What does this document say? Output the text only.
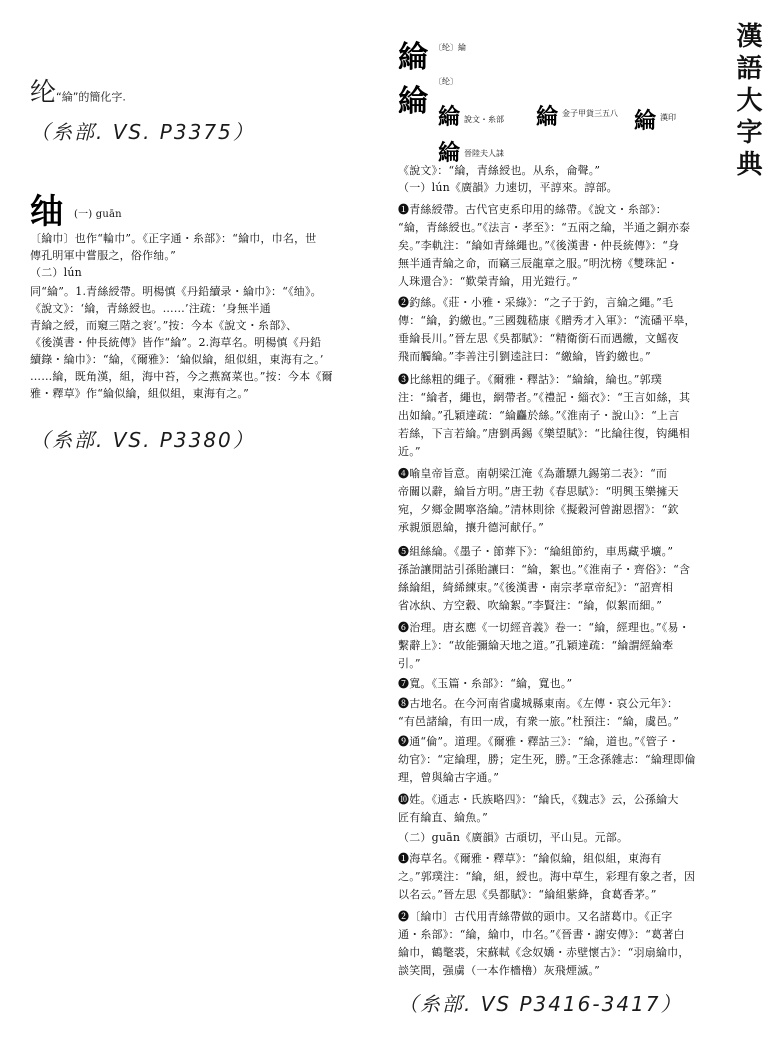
漢語大字典
纶“綸”的簡化字.
（糸部. VS. P3375）
䌷 (一) guān
〔綸巾〕也作“輪巾”。《正字通・糸部》：“綸巾，巾名，世
傳孔明軍中嘗服之，俗作䌷。”
（二）lún
同“綸”。1.青絲綬帶。明楊慎《丹鉛續录・綸巾》：“《䌷》。
《說文》：‘綸，青絲綬也。……’注疏：‘身無半通
青綸之綬，而窺三階之衮’。”按：今本《說文・糸部》、
《後漢書・仲長統傳》皆作“綸”。2.海草名。明楊慎《丹鉛
續錄・綸巾》：“綸，《爾雅》：‘綸似綸，組似組，東海有之。’
……綸，既角漢，組，海中苔，今之燕窩菜也。”按：今本《爾
雅・釋草》作“綸似綸，組似組，東海有之。”
（糸部. VS. P3380）
綸 〔纶〕綸
綸
〔纶〕
綸 說文・糸部 綸 金子甲貨三五八 綸 漢印
綸 晉陸夫人誄
《說文》：“綸，青絲綬也。从糸，侖聲。”
（一）lún《廣韻》力速切，平諄來。諄部。
❶青絲綬帶。古代官吏系印用的絲帶。《說文・糸部》：
“綸，青絲綬也。”《法言・孝至》：“五兩之綸，半通之銅亦泰
矣。”李軌注：“綸如青絲繩也。”《後漢書・仲長統傳》：“身
無半通青綸之命，而竊三辰龍章之服。”明沈榜《雙珠記・
人珠還合》：“歎榮青綸，用光鎧行。”
❷釣絲。《莊・小雅・采綠》：“之子于釣，言綸之繩。”毛
傳：“綸，釣繳也。”三國魏嵇康《贈秀才入軍》：“流磻平皋，
垂綸長川。”晉左思《吳都賦》：“精衛銜石而遇繳，文鰩夜
飛而觸綸。”李善注引劉逵註曰：“繳綸，皆釣繳也。”
❸比絲粗的繩子。《爾雅・釋詁》：“綸綸，綸也。”郭璞
注：“綸者，繩也，網帶者。”《禮記・緇衣》：“王言如絲，其
出如綸。”孔穎達疏：“綸麤於絲。”《淮南子・說山》：“上言
若絲，下言若綸。”唐劉禹錫《樂望賦》：“比綸往復，钩縄相
近。”
❹喻皇帝旨意。南朝梁江淹《為蕭驃九錫第二表》：“而
帝關以辭，綸旨方明。”唐王勃《春思賦》：“明興玉樂擁天
宛，夕鄉金闕寧洛綸。”清林則徐《擬穀河曾謝恩摺》：“欽
承親頒恩綸，攘升德河献仔。”
❺組絲綸。《墨子・節葬下》：“綸組節約，車馬藏乎壙。”
孫詒讓閒詁引孫貽讓曰：“綸，絮也。”《淮南子・齊俗》：“含
絲綸組，綺絺練束。”《後漢書・南宗孝章帝紀》：“詔齊相
省冰紈、方空縠、吹綸絮。”李賢注：“綸，似絮而細。”
❻治理。唐玄應《一切經音義》卷一：“綸，經理也。”《易・
繫辭上》：“故能彌綸天地之道。”孔穎達疏：“綸謂經綸牽
引。”
❼寬。《玉篇・糸部》：“綸，寬也。”
❽古地名。在今河南省虞城縣東南。《左傳・哀公元年》：
“有邑諸綸，有田一成，有衆一旅。”杜預注：“綸，虞邑。”
❾通“倫”。道理。《爾雅・釋詁三》：“綸，道也。”《管子・
幼官》：“定綸理，勝；定生死，勝。”王念孫雜志：“綸理即倫
理，曾與綸古字通。”
❿姓。《通志・氏族略四》：“綸氏，《魏志》云，公孫綸大
匠有綸直、綸魚。”
（二）guān《廣韻》古頑切，平山見。元部。
❶海草名。《爾雅・釋草》：“綸似綸，組似組，東海有
之。”郭璞注：“綸，組，綬也。海中草生，彩理有象之者，因
以名云。”晉左思《吳都賦》：“綸組紫絳，食葛香茅。”
❷〔綸巾〕古代用青絲帶做的頭巾。又名諸葛巾。《正字
通・糸部》：“綸，綸巾，巾名。”《晉書・謝安傳》：“葛著白
綸巾，鶴氅裘，宋蘇軾《念奴嬌・赤壁懷古》：“羽扇綸巾，
談笑間，强虜（一本作檣櫓）灰飛煙滅。”
（糸部. VS P3416-3417）
